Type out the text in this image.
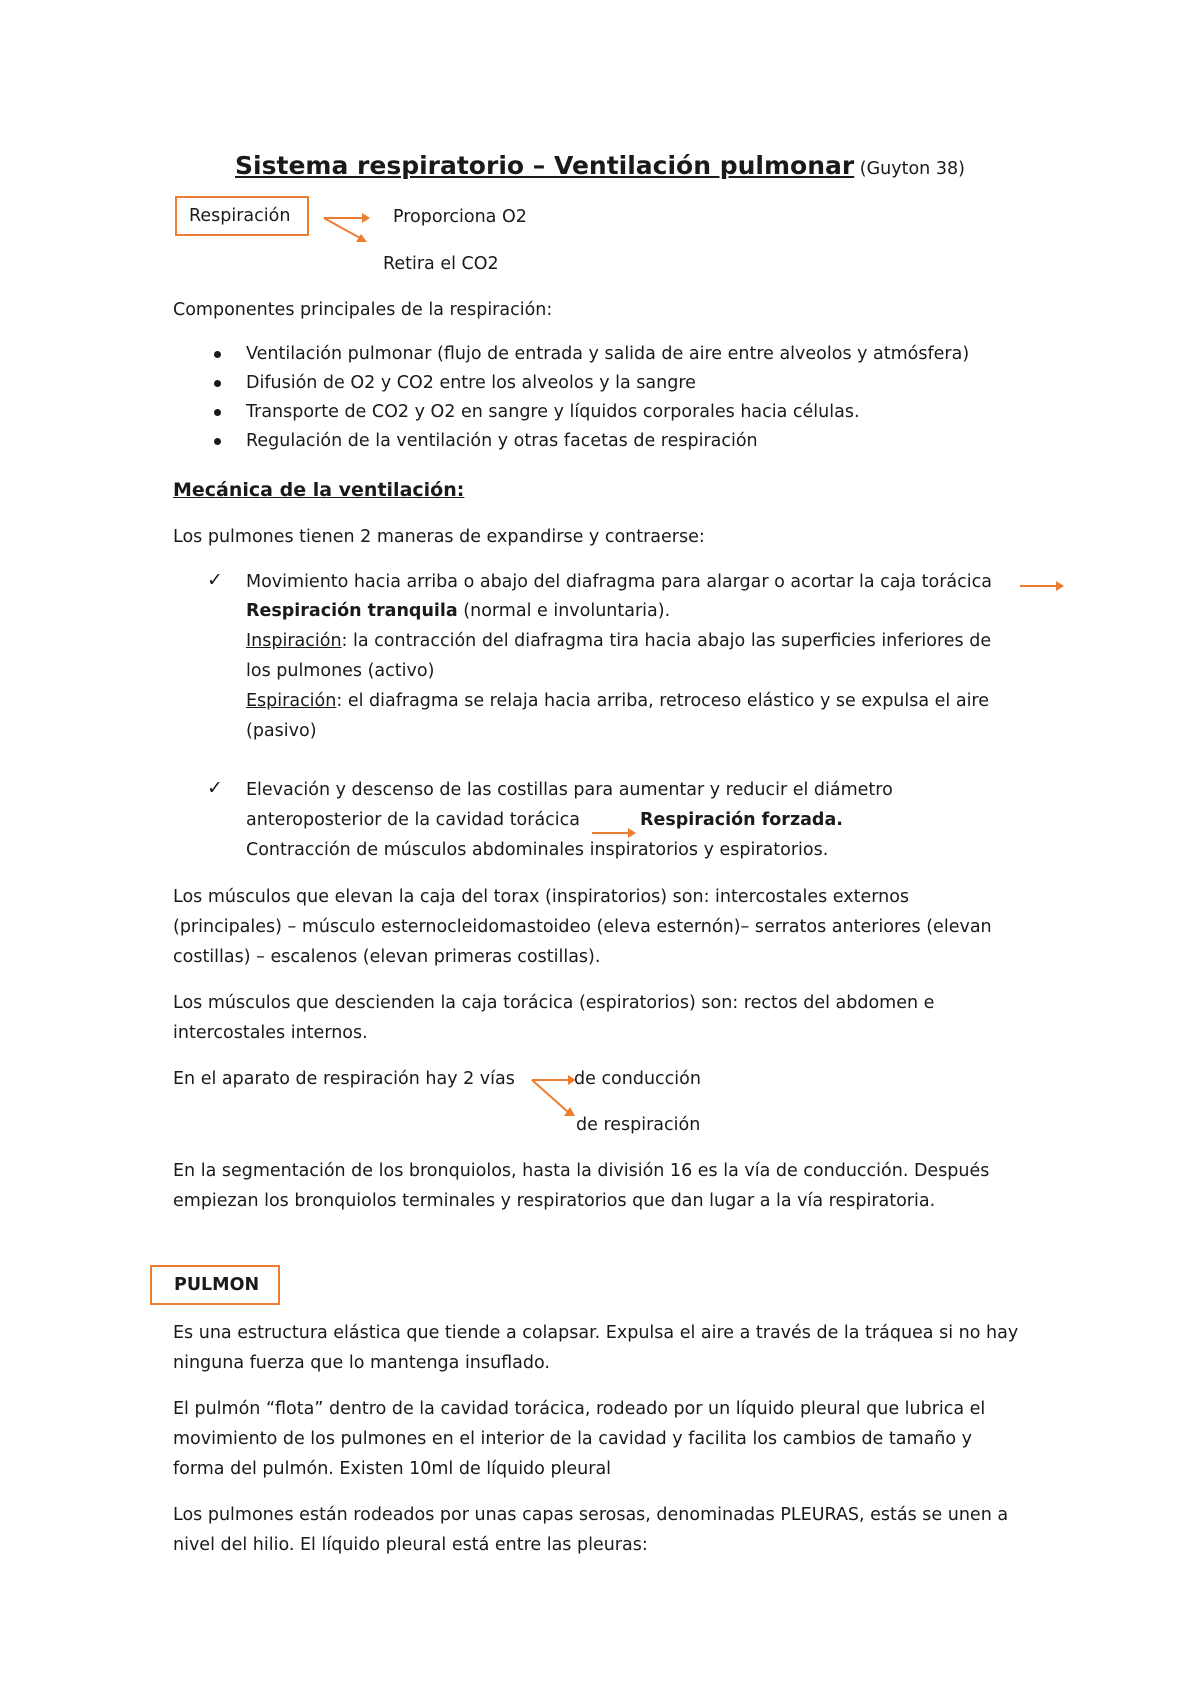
Sistema respiratorio – Ventilación pulmonar (Guyton 38)
Respiración	Proporciona O2
Retira el CO2
Componentes principales de la respiración:
Ventilación pulmonar (flujo de entrada y salida de aire entre alveolos y atmósfera)
Difusión de O2 y CO2 entre los alveolos y la sangre
Transporte de CO2 y O2 en sangre y líquidos corporales hacia células.
Regulación de la ventilación y otras facetas de respiración
Mecánica de la ventilación:
Los pulmones tienen 2 maneras de expandirse y contraerse:
✓ Movimiento hacia arriba o abajo del diafragma para alargar o acortar la caja torácica
Respiración tranquila (normal e involuntaria).
Inspiración: la contracción del diafragma tira hacia abajo las superficies inferiores de
los pulmones (activo)
Espiración: el diafragma se relaja hacia arriba, retroceso elástico y se expulsa el aire
(pasivo)
✓ Elevación y descenso de las costillas para aumentar y reducir el diámetro
anteroposterior de la cavidad torácica	Respiración forzada.
Contracción de músculos abdominales inspiratorios y espiratorios.
Los músculos que elevan la caja del torax (inspiratorios) son: intercostales externos
(principales) – músculo esternocleidomastoideo (eleva esternón)– serratos anteriores (elevan
costillas) – escalenos (elevan primeras costillas).
Los músculos que descienden la caja torácica (espiratorios) son: rectos del abdomen e
intercostales internos.
En el aparato de respiración hay 2 vías	de conducción
de respiración
En la segmentación de los bronquiolos, hasta la división 16 es la vía de conducción. Después
empiezan los bronquiolos terminales y respiratorios que dan lugar a la vía respiratoria.
PULMON
Es una estructura elástica que tiende a colapsar. Expulsa el aire a través de la tráquea si no hay
ninguna fuerza que lo mantenga insuflado.
El pulmón “flota” dentro de la cavidad torácica, rodeado por un líquido pleural que lubrica el
movimiento de los pulmones en el interior de la cavidad y facilita los cambios de tamaño y
forma del pulmón. Existen 10ml de líquido pleural
Los pulmones están rodeados por unas capas serosas, denominadas PLEURAS, estás se unen a
nivel del hilio. El líquido pleural está entre las pleuras:
